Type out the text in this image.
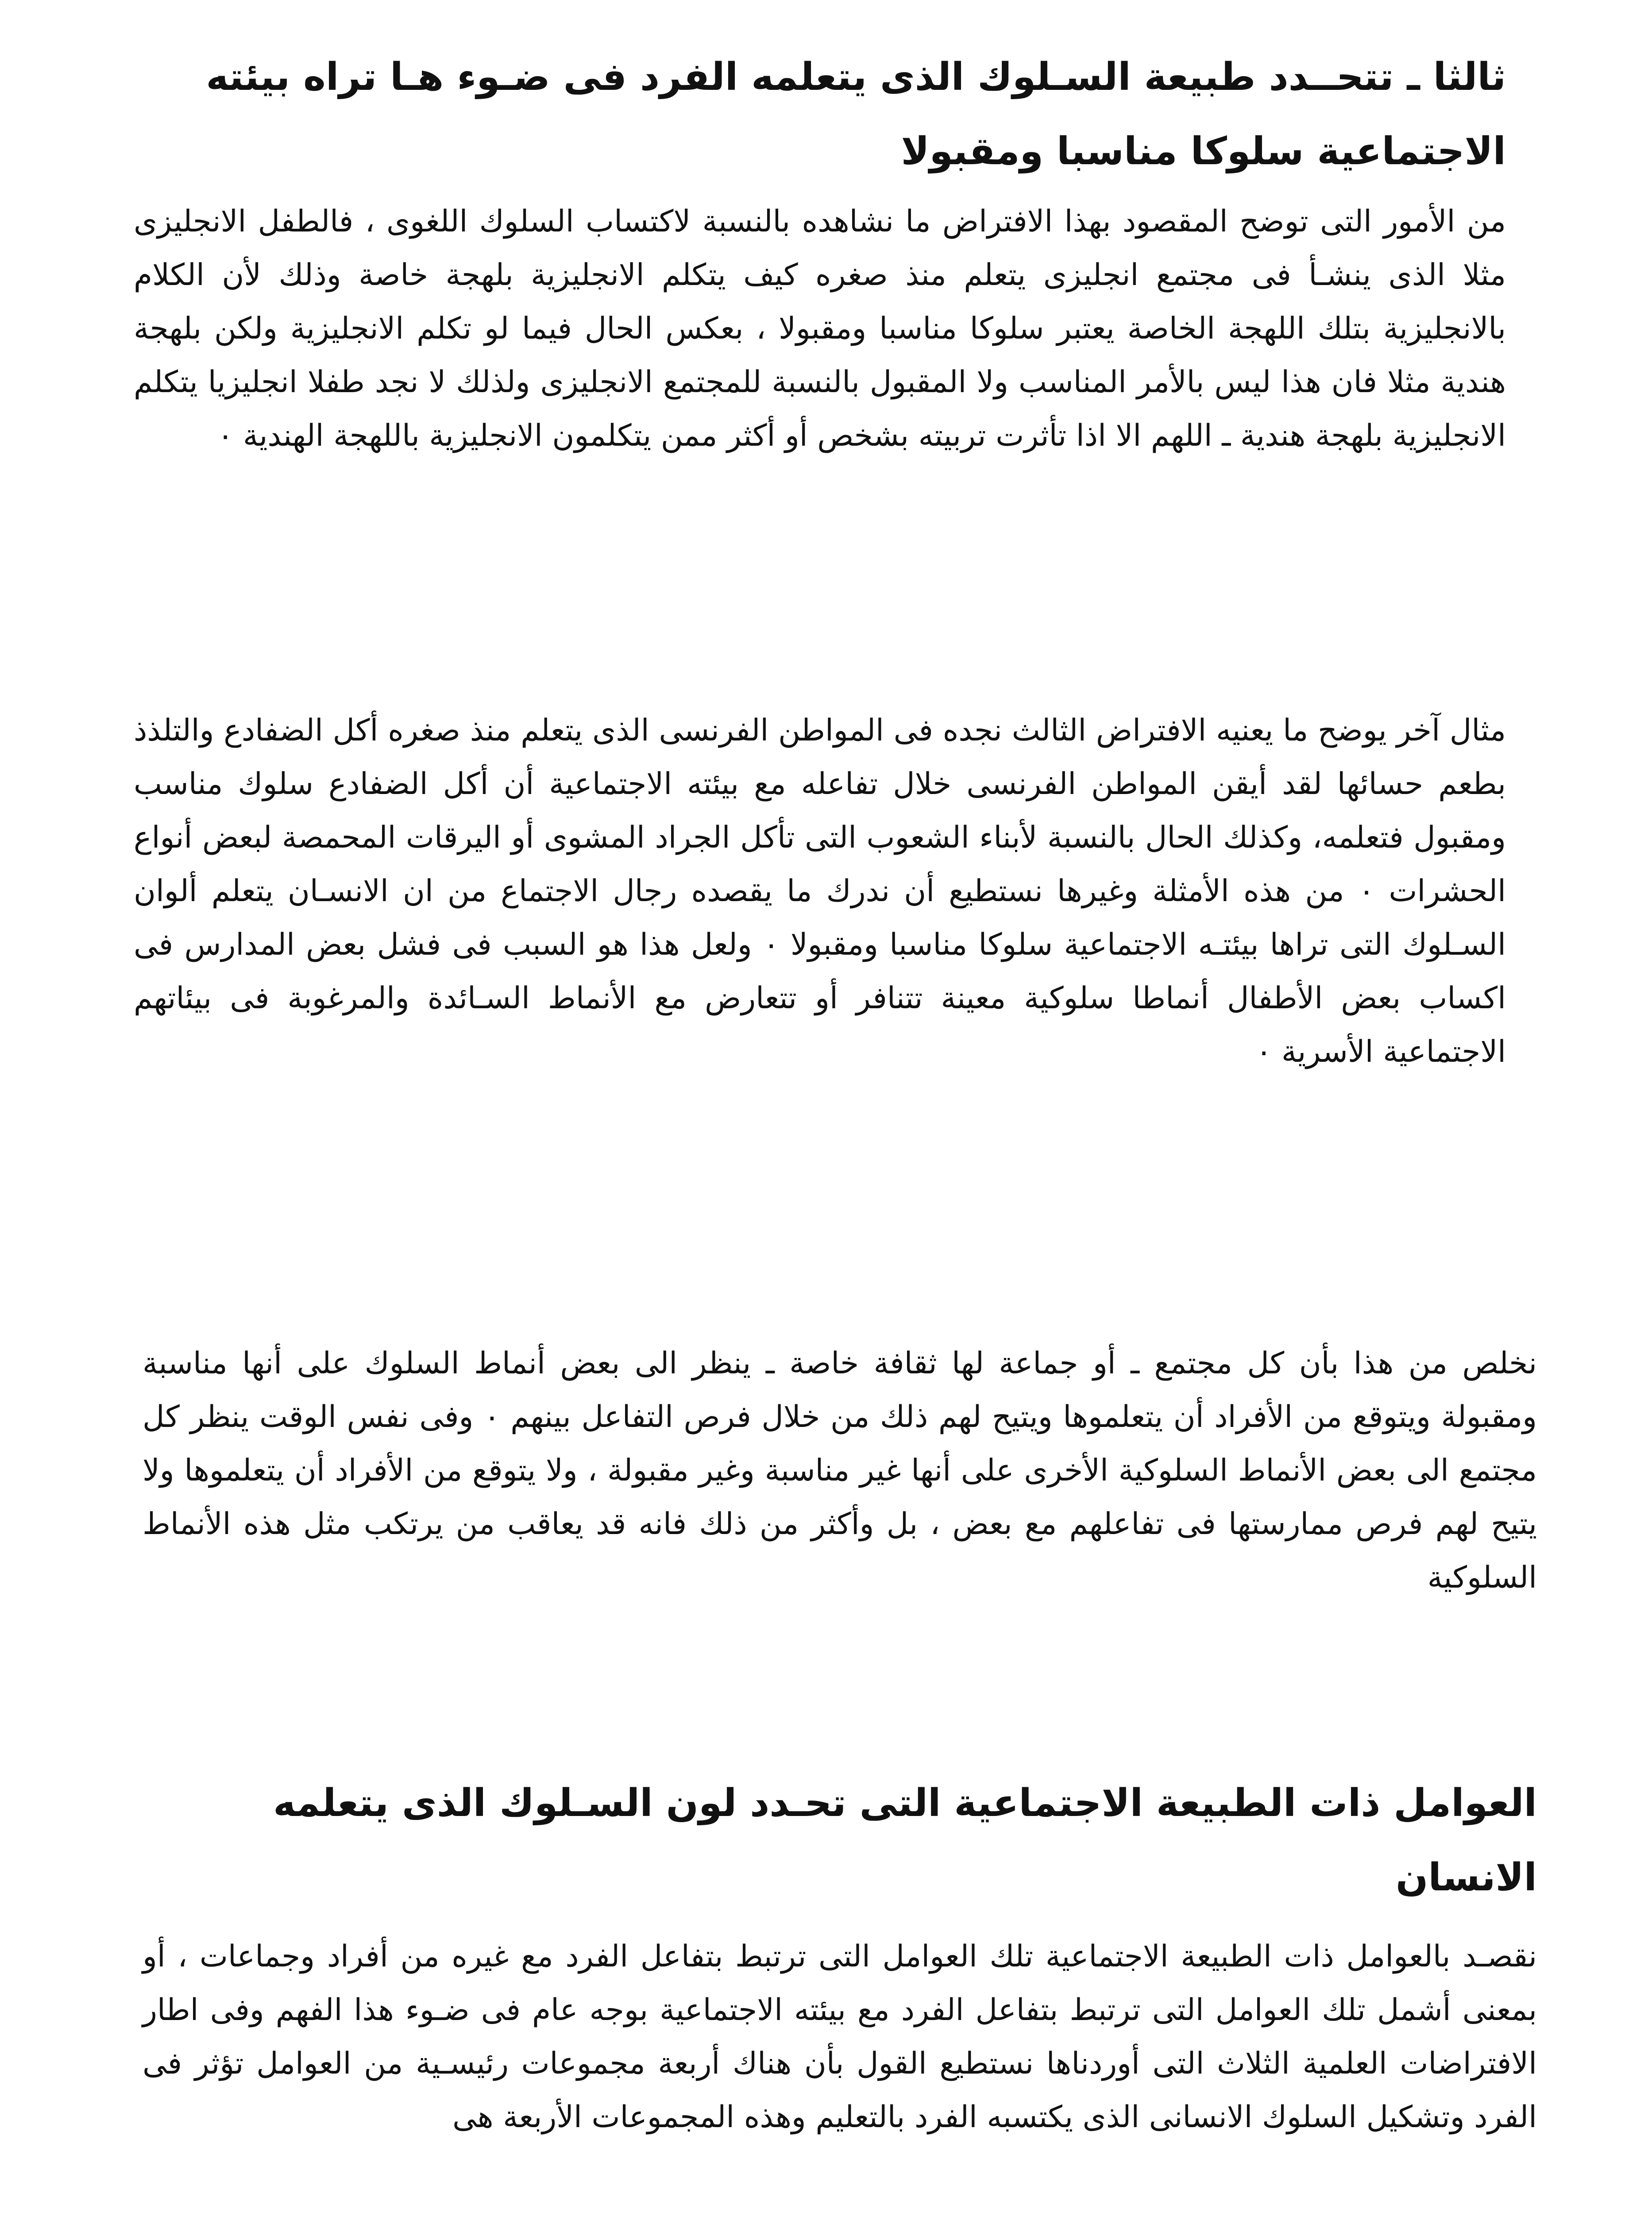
ثالثا ـ تتحــدد طبيعة السـلوك الذى يتعلمه الفرد فى ضـوء هـا تراه بيئته الاجتماعية سلوكا مناسبا ومقبولا

من الأمور التى توضح المقصود بهذا الافتراض ما نشاهده بالنسبة لاكتساب السلوك اللغوى ، فالطفل الانجليزى مثلا الذى ينشـأ فى مجتمع انجليزى يتعلم منذ صغره كيف يتكلم الانجليزية بلهجة خاصة وذلك لأن الكلام بالانجليزية بتلك اللهجة الخاصة يعتبر سلوكا مناسبا ومقبولا ، بعكس الحال فيما لو تكلم الانجليزية ولكن بلهجة هندية مثلا فان هذا ليس بالأمر المناسب ولا المقبول بالنسبة للمجتمع الانجليزى ولذلك لا نجد طفلا انجليزيا يتكلم الانجليزية بلهجة هندية ـ اللهم الا اذا تأثرت تربيته بشخص أو أكثر ممن يتكلمون الانجليزية باللهجة الهندية ٠

مثال آخر يوضح ما يعنيه الافتراض الثالث نجده فى المواطن الفرنسى الذى يتعلم منذ صغره أكل الضفادع والتلذذ بطعم حسائها لقد أيقن المواطن الفرنسى خلال تفاعله مع بيئته الاجتماعية أن أكل الضفادع سلوك مناسب ومقبول فتعلمه، وكذلك الحال بالنسبة لأبناء الشعوب التى تأكل الجراد المشوى أو اليرقات المحمصة لبعض أنواع الحشرات ٠ من هذه الأمثلة وغيرها نستطيع أن ندرك ما يقصده رجال الاجتماع من ان الانسـان يتعلم ألوان السـلوك التى تراها بيئتـه الاجتماعية سلوكا مناسبا ومقبولا ٠ ولعل هذا هو السبب فى فشل بعض المدارس فى اكساب بعض الأطفال أنماطا سلوكية معينة تتنافر أو تتعارض مع الأنماط السـائدة والمرغوبة فى بيئاتهم الاجتماعية الأسرية ٠

نخلص من هذا بأن كل مجتمع ـ أو جماعة لها ثقافة خاصة ـ ينظر الى بعض أنماط السلوك على أنها مناسبة ومقبولة ويتوقع من الأفراد أن يتعلموها ويتيح لهم ذلك من خلال فرص التفاعل بينهم ٠ وفى نفس الوقت ينظر كل مجتمع الى بعض الأنماط السلوكية الأخرى على أنها غير مناسبة وغير مقبولة ، ولا يتوقع من الأفراد أن يتعلموها ولا يتيح لهم فرص ممارستها فى تفاعلهم مع بعض ، بل وأكثر من ذلك فانه قد يعاقب من يرتكب مثل هذه الأنماط السلوكية

العوامل ذات الطبيعة الاجتماعية التى تحـدد لون السـلوك الذى يتعلمه الانسان

نقصـد بالعوامل ذات الطبيعة الاجتماعية تلك العوامل التى ترتبط بتفاعل الفرد مع غيره من أفراد وجماعات ، أو بمعنى أشمل تلك العوامل التى ترتبط بتفاعل الفرد مع بيئته الاجتماعية بوجه عام فى ضـوء هذا الفهم وفى اطار الافتراضات العلمية الثلاث التى أوردناها نستطيع القول بأن هناك أربعة مجموعات رئيسـية من العوامل تؤثر فى الفرد وتشكيل السلوك الانسانى الذى يكتسبه الفرد بالتعليم وهذه المجموعات الأربعة هى
